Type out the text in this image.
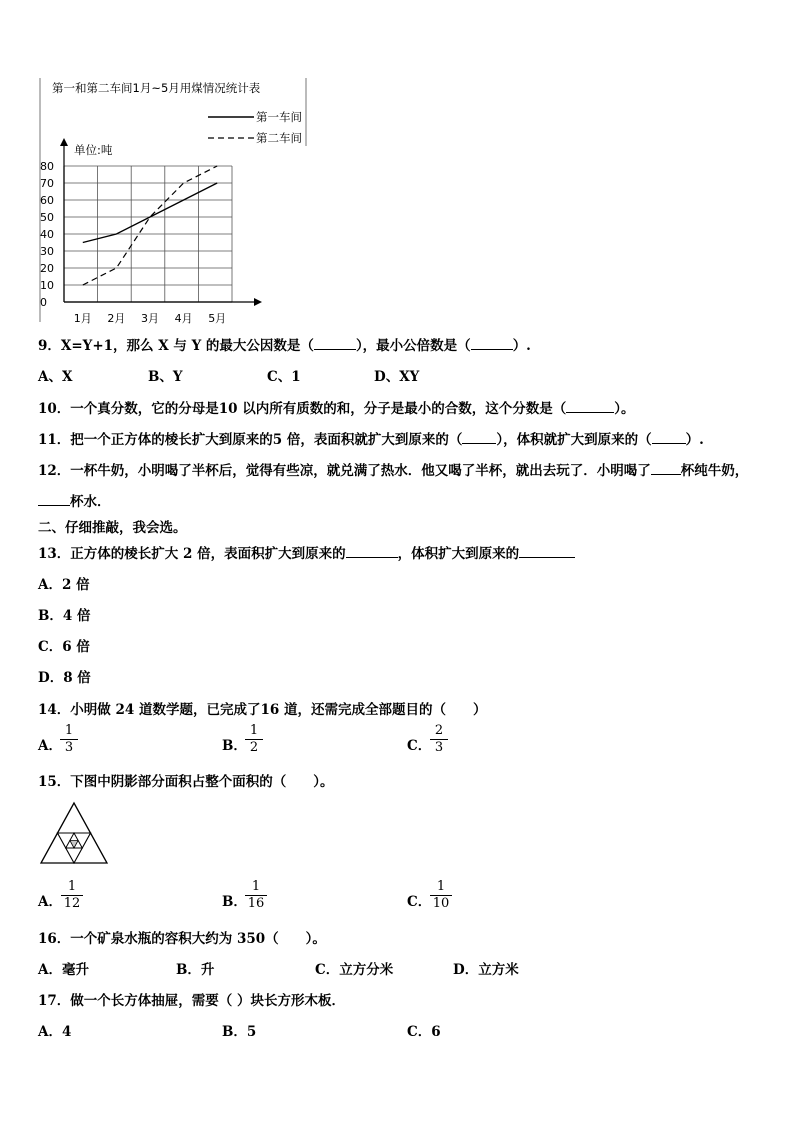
第一和第二车间1月~5月用煤情况统计表
第一车间
第二车间
单位:吨
0
10
20
30
40
50
60
70
80
1月 2月 3月 4月 5月
9．X=Y+1，那么 X 与 Y 的最大公因数是（	），最小公倍数是（	）.
A、X	B、Y	C、1	D、XY
10．一个真分数，它的分母是10 以内所有质数的和，分子是最小的合数，这个分数是（	）。
11．把一个正方体的棱长扩大到原来的5 倍，表面积就扩大到原来的（	），体积就扩大到原来的（	）.
12．一杯牛奶，小明喝了半杯后，觉得有些凉，就兑满了热水．他又喝了半杯，就出去玩了．小明喝了 杯纯牛奶，
杯水．
二、仔细推敲，我会选。
13．正方体的棱长扩大 2 倍，表面积扩大到原来的	，体积扩大到原来的
A．2 倍
B．4 倍
C．6 倍
D．8 倍
14．小明做 24 道数学题，已完成了16 道，还需完成全部题目的（　　）
A．
$\frac{1}{3}$	B．
$\frac{1}{2}$	C．
$\frac{2}{3}$
15．下图中阴影部分面积占整个面积的（　　）。
A． $\frac{1}{12}$	B．
$\frac{1}{16}$	C．
$\frac{1}{10}$
16．一个矿泉水瓶的容积大约为 350（　　）。
A．毫升	B．升	C．立方分米	D．立方米
17．做一个长方体抽屉，需要（ ）块长方形木板．
A．4	B．5	C．6
